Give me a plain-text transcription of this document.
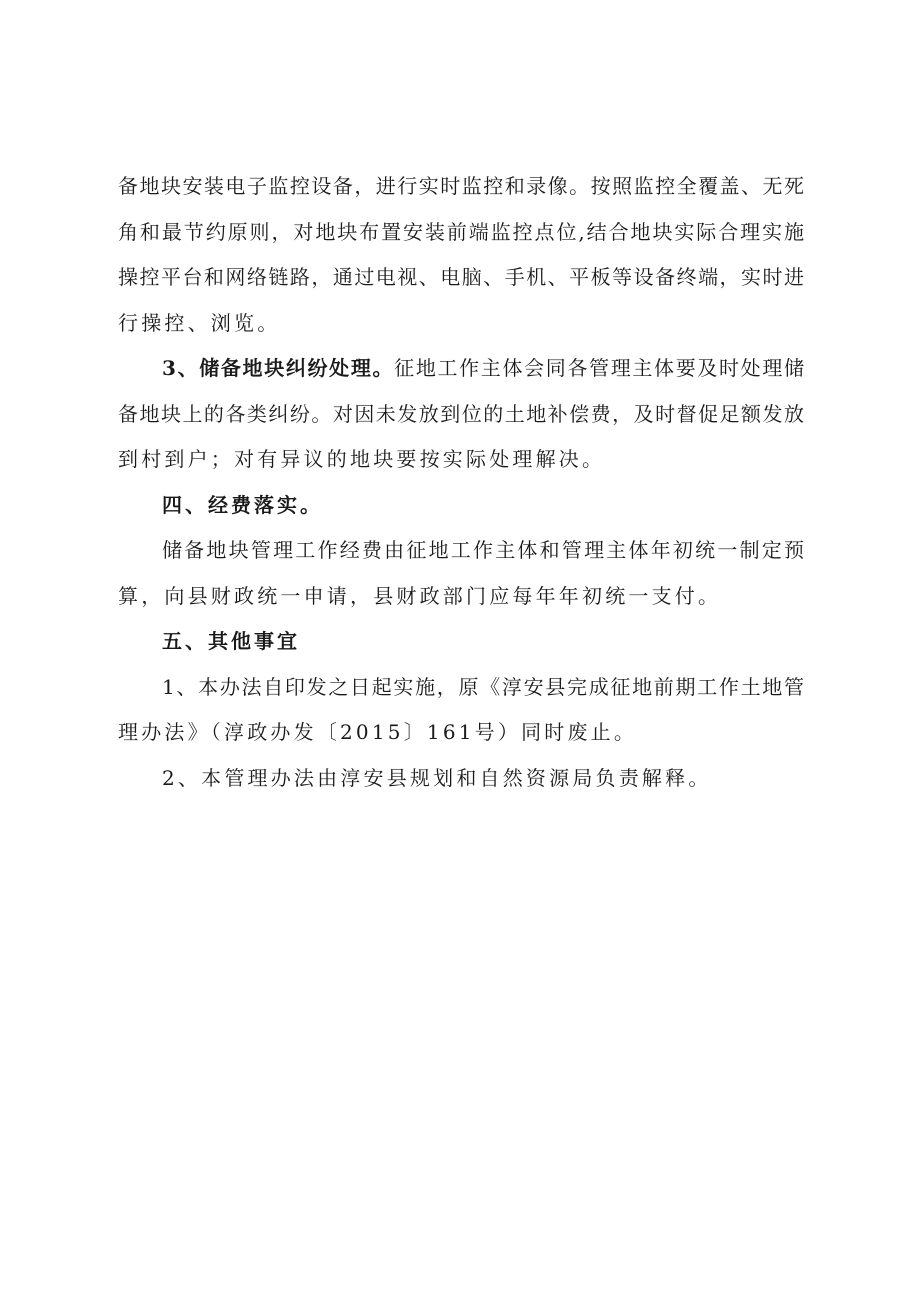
备地块安装电子监控设备，进行实时监控和录像。按照监控全覆盖、无死
角和最节约原则，对地块布置安装前端监控点位,结合地块实际合理实施
操控平台和网络链路，通过电视、电脑、手机、平板等设备终端，实时进
行操控、浏览。
3、储备地块纠纷处理。征地工作主体会同各管理主体要及时处理储
备地块上的各类纠纷。对因未发放到位的土地补偿费，及时督促足额发放
到村到户；对有异议的地块要按实际处理解决。
四、经费落实。
储备地块管理工作经费由征地工作主体和管理主体年初统一制定预
算，向县财政统一申请，县财政部门应每年年初统一支付。
五、其他事宜
1、本办法自印发之日起实施，原《淳安县完成征地前期工作土地管
理办法》（淳政办发〔2015〕161号）同时废止。
2、本管理办法由淳安县规划和自然资源局负责解释。
